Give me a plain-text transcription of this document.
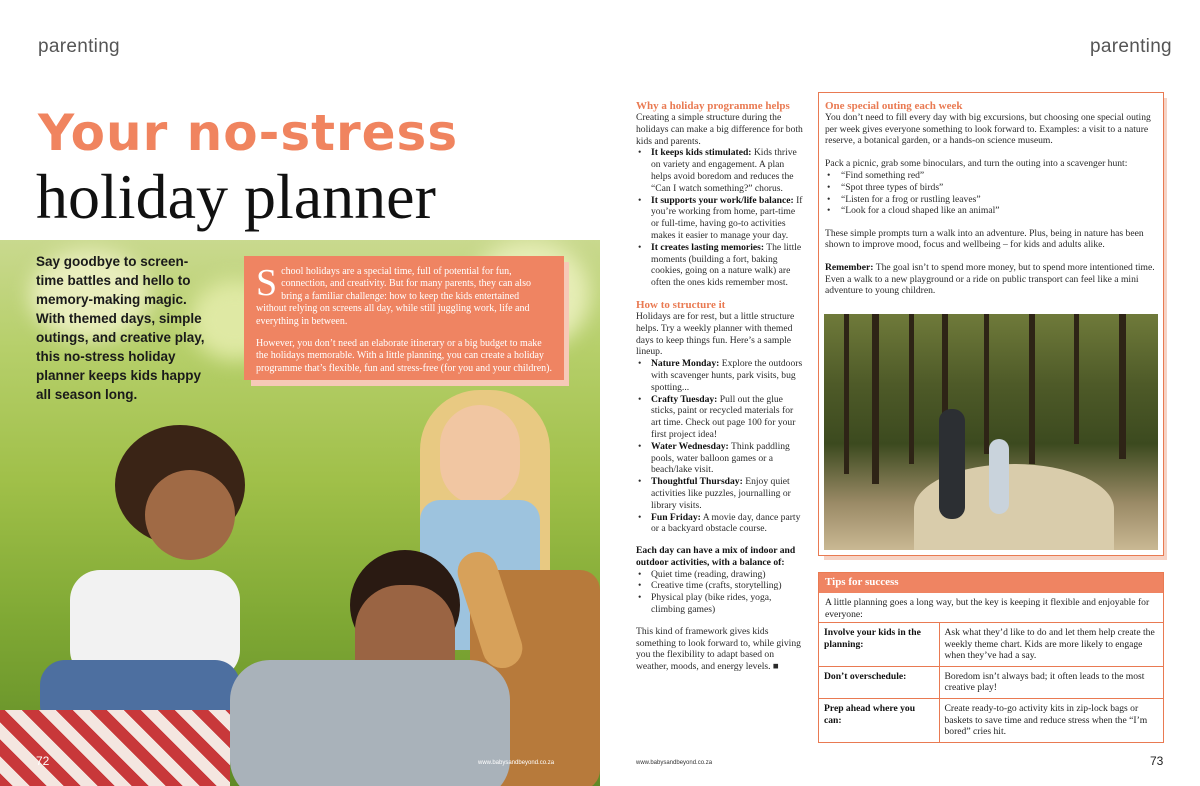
parenting
Your no-stress
holiday planner
Say goodbye to screen-time battles and hello to memory-making magic. With themed days, simple outings, and creative play, this no-stress holiday planner keeps kids happy all season long.

S chool holidays are a special time, full of potential for fun, connection, and creativity. But for many parents, they can also bring a familiar challenge: how to keep the kids entertained without relying on screens all day, while still juggling work, life and everything in between.

However, you don’t need an elaborate itinerary or a big budget to make the holidays memorable. With a little planning, you can create a holiday programme that’s flexible, fun and stress-free (for you and your children).

72	www.babysandbeyond.co.za
parenting
Why a holiday programme helps

Creating a simple structure during the holidays can make a big difference for both kids and parents.

• It keeps kids stimulated: Kids thrive on variety and engagement. A plan helps avoid boredom and reduces the “Can I watch something?” chorus.
• It supports your work/life balance: If you’re working from home, part-time or full-time, having go-to activities makes it easier to manage your day.
• It creates lasting memories: The little moments (building a fort, baking cookies, going on a nature walk) are often the ones kids remember most.
How to structure it

Holidays are for rest, but a little structure helps. Try a weekly planner with themed days to keep things fun. Here’s a sample lineup.

• Nature Monday: Explore the outdoors with scavenger hunts, park visits, bug spotting...
• Crafty Tuesday: Pull out the glue sticks, paint or recycled materials for art time. Check out page 100 for your first project idea!
• Water Wednesday: Think paddling pools, water balloon games or a beach/lake visit.
• Thoughtful Thursday: Enjoy quiet activities like puzzles, journalling or library visits.
• Fun Friday: A movie day, dance party or a backyard obstacle course.

Each day can have a mix of indoor and outdoor activities, with a balance of:

• Quiet time (reading, drawing)
• Creative time (crafts, storytelling)
• Physical play (bike rides, yoga, climbing games)

This kind of framework gives kids something to look forward to, while giving you the flexibility to adapt based on weather, moods, and energy levels. ■

One special outing each week

You don’t need to fill every day with big excursions, but choosing one special outing per week gives everyone something to look forward to. Examples: a visit to a nature reserve, a botanical garden, or a hands-on science museum.

Pack a picnic, grab some binoculars, and turn the outing into a scavenger hunt:

• “Find something red”
• “Spot three types of birds”
• “Listen for a frog or rustling leaves”
• “Look for a cloud shaped like an animal”

These simple prompts turn a walk into an adventure. Plus, being in nature has been shown to improve mood, focus and wellbeing – for kids and adults alike.

Remember: The goal isn’t to spend more money, but to spend more intentioned time. Even a walk to a new playground or a ride on public transport can feel like a mini adventure to young children.

Tips for success
A little planning goes a long way, but the key is keeping it flexible and enjoyable for everyone:
Involve your kids in the planning:	Ask what they’d like to do and let them help create the weekly theme chart. Kids are more likely to engage when they’ve had a say.
Don’t overschedule:	Boredom isn’t always bad; it often leads to the most creative play!
Prep ahead where you can:	Create ready-to-go activity kits in zip-lock bags or baskets to save time and reduce stress when the “I’m bored” cries hit.
www.babysandbeyond.co.za	73
